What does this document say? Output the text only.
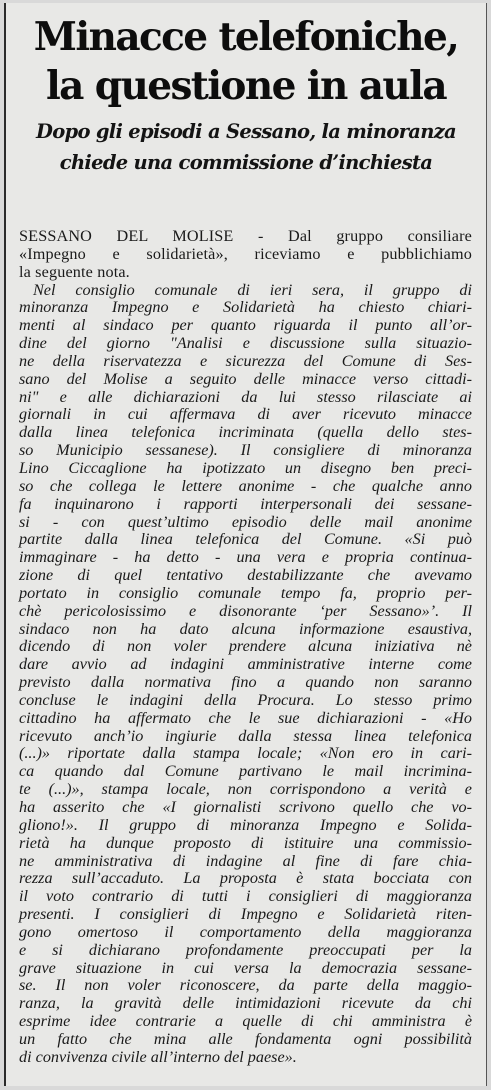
Minacce telefoniche,
la questione in aula
Dopo gli episodi a Sessano, la minoranza
chiede una commissione d’inchiesta
SESSANO DEL MOLISE - Dal gruppo consiliare
«Impegno e solidarietà», riceviamo e pubblichiamo
la seguente nota.
Nel consiglio comunale di ieri sera, il gruppo di
minoranza Impegno e Solidarietà ha chiesto chiari-
menti al sindaco per quanto riguarda il punto all’or-
dine del giorno "Analisi e discussione sulla situazio-
ne della riservatezza e sicurezza del Comune di Ses-
sano del Molise a seguito delle minacce verso cittadi-
ni" e alle dichiarazioni da lui stesso rilasciate ai
giornali in cui affermava di aver ricevuto minacce
dalla linea telefonica incriminata (quella dello stes-
so Municipio sessanese). Il consigliere di minoranza
Lino Ciccaglione ha ipotizzato un disegno ben preci-
so che collega le lettere anonime - che qualche anno
fa inquinarono i rapporti interpersonali dei sessane-
si - con quest’ultimo episodio delle mail anonime
partite dalla linea telefonica del Comune. «Si può
immaginare - ha detto - una vera e propria continua-
zione di quel tentativo destabilizzante che avevamo
portato in consiglio comunale tempo fa, proprio per-
chè pericolosissimo e disonorante ‘per Sessano»’. Il
sindaco non ha dato alcuna informazione esaustiva,
dicendo di non voler prendere alcuna iniziativa nè
dare avvio ad indagini amministrative interne come
previsto dalla normativa fino a quando non saranno
concluse le indagini della Procura. Lo stesso primo
cittadino ha affermato che le sue dichiarazioni - «Ho
ricevuto anch’io ingiurie dalla stessa linea telefonica
(...)» riportate dalla stampa locale; «Non ero in cari-
ca quando dal Comune partivano le mail incrimina-
te (...)», stampa locale, non corrispondono a verità e
ha asserito che «I giornalisti scrivono quello che vo-
gliono!». Il gruppo di minoranza Impegno e Solida-
rietà ha dunque proposto di istituire una commissio-
ne amministrativa di indagine al fine di fare chia-
rezza sull’accaduto. La proposta è stata bocciata con
il voto contrario di tutti i consiglieri di maggioranza
presenti. I consiglieri di Impegno e Solidarietà riten-
gono omertoso il comportamento della maggioranza
e si dichiarano profondamente preoccupati per la
grave situazione in cui versa la democrazia sessane-
se. Il non voler riconoscere, da parte della maggio-
ranza, la gravità delle intimidazioni ricevute da chi
esprime idee contrarie a quelle di chi amministra è
un fatto che mina alle fondamenta ogni possibilità
di convivenza civile all’interno del paese».
